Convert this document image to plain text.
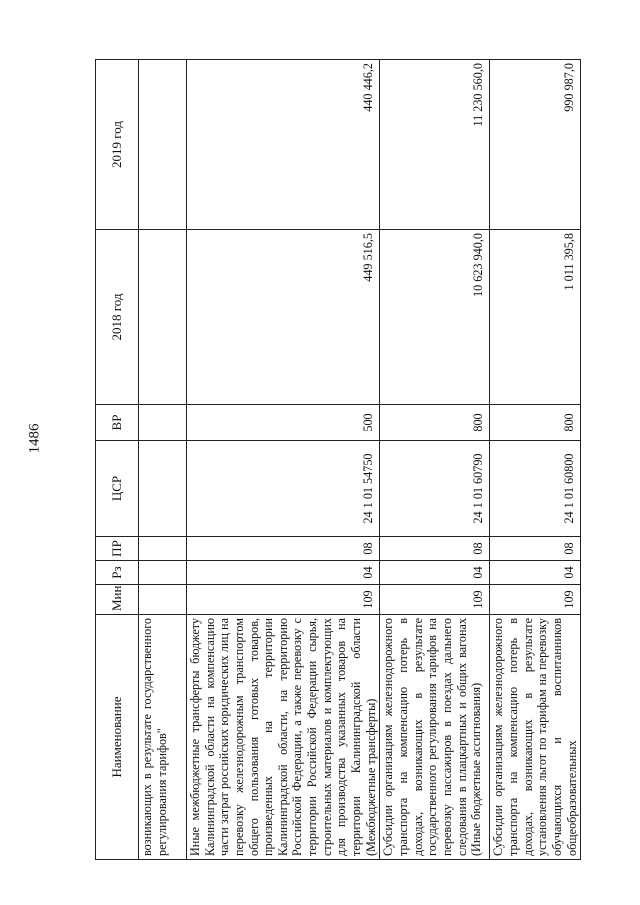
1486
Наименование	Мин	Рз	ПР	ЦСР	ВР	2018 год	2019 год
возникающих в результате государственного регулирования тарифов"							
Иные межбюджетные трансферты бюджету Калининградской области на компенсацию части затрат российских юридических лиц на перевозку железнодорожным транспортом общего пользования готовых товаров, произведенных на территории Калининградской области, на территорию Российской Федерации, а также перевозку с территории Российской Федерации сырья, строительных материалов и комплектующих для производства указанных товаров на территории Калининградской области (Межбюджетные трансферты)	109	04	08	24 1 01 54750	500	449 516,5	440 446,2
Субсидии организациям железнодорожного транспорта на компенсацию потерь в доходах, возникающих в результате государственного регулирования тарифов на перевозку пассажиров в поездах дальнего следования в плацкартных и общих вагонах (Иные бюджетные ассигнования)	109	04	08	24 1 01 60790	800	10 623 940,0	11 230 560,0
Субсидии организациям железнодорожного транспорта на компенсацию потерь в доходах, возникающих в результате установления льгот по тарифам на перевозку обучающихся и воспитанников общеобразовательных	109	04	08	24 1 01 60800	800	1 011 395,8	990 987,0
